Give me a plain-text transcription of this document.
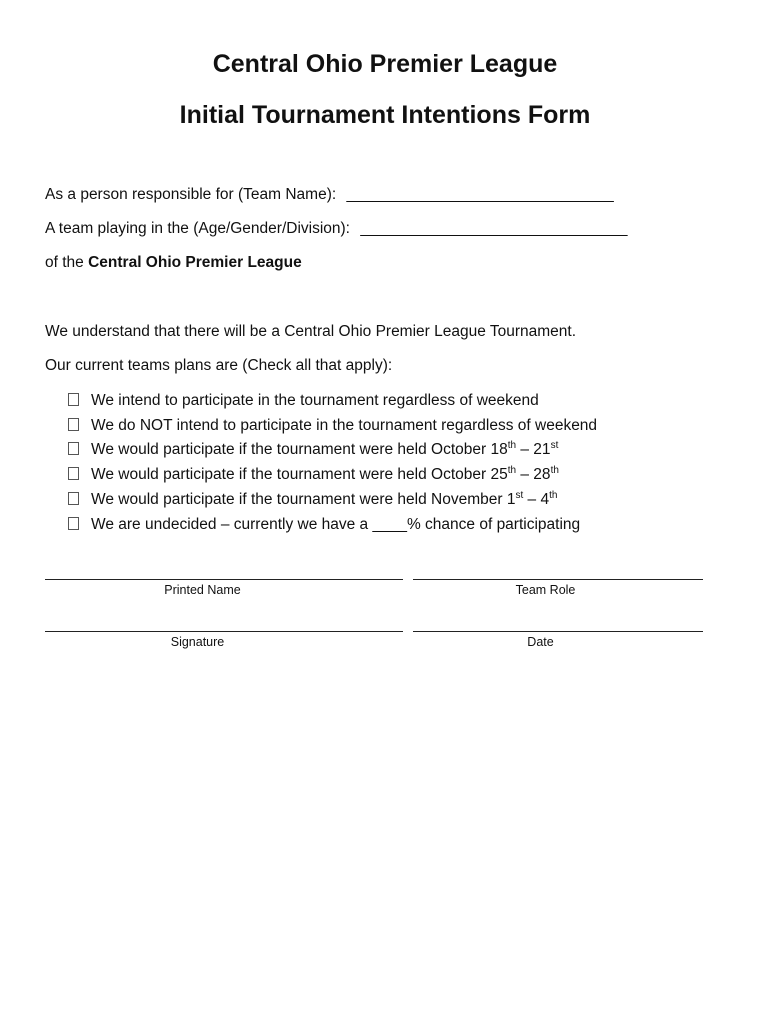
Central Ohio Premier League
Initial Tournament Intentions Form
As a person responsible for (Team Name): _______________________________
A team playing in the (Age/Gender/Division): _______________________________
of the Central Ohio Premier League
We understand that there will be a Central Ohio Premier League Tournament.
Our current teams plans are (Check all that apply):
We intend to participate in the tournament regardless of weekend
We do NOT intend to participate in the tournament regardless of weekend
We would participate if the tournament were held October 18th – 21st
We would participate if the tournament were held October 25th – 28th
We would participate if the tournament were held November 1st – 4th
We are undecided – currently we have a ____% chance of participating
Printed Name	Team Role
Signature	Date
